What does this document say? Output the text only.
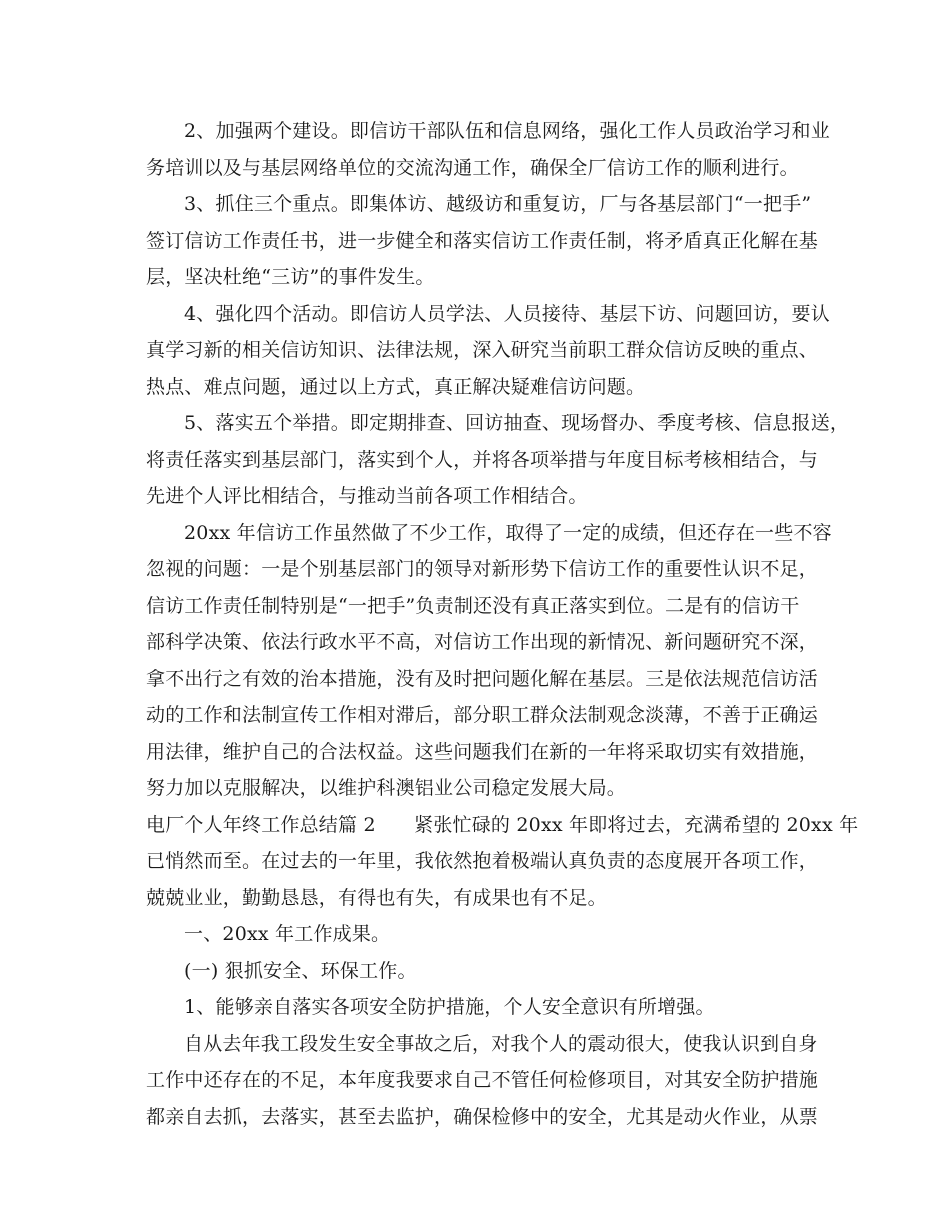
2、加强两个建设。即信访干部队伍和信息网络，强化工作人员政治学习和业
务培训以及与基层网络单位的交流沟通工作，确保全厂信访工作的顺利进行。
3、抓住三个重点。即集体访、越级访和重复访，厂与各基层部门“一把手”
签订信访工作责任书，进一步健全和落实信访工作责任制，将矛盾真正化解在基
层，坚决杜绝“三访”的事件发生。
4、强化四个活动。即信访人员学法、人员接待、基层下访、问题回访，要认
真学习新的相关信访知识、法律法规，深入研究当前职工群众信访反映的重点、
热点、难点问题，通过以上方式，真正解决疑难信访问题。
5、落实五个举措。即定期排查、回访抽查、现场督办、季度考核、信息报送，
将责任落实到基层部门，落实到个人，并将各项举措与年度目标考核相结合，与
先进个人评比相结合，与推动当前各项工作相结合。
20xx 年信访工作虽然做了不少工作，取得了一定的成绩，但还存在一些不容
忽视的问题：一是个别基层部门的领导对新形势下信访工作的重要性认识不足，
信访工作责任制特别是“一把手”负责制还没有真正落实到位。二是有的信访干
部科学决策、依法行政水平不高，对信访工作出现的新情况、新问题研究不深，
拿不出行之有效的治本措施，没有及时把问题化解在基层。三是依法规范信访活
动的工作和法制宣传工作相对滞后，部分职工群众法制观念淡薄，不善于正确运
用法律，维护自己的合法权益。这些问题我们在新的一年将采取切实有效措施，
努力加以克服解决，以维护科澳铝业公司稳定发展大局。
电厂个人年终工作总结篇 2　　紧张忙碌的 20xx 年即将过去，充满希望的 20xx 年
已悄然而至。在过去的一年里，我依然抱着极端认真负责的态度展开各项工作，
兢兢业业，勤勤恳恳，有得也有失，有成果也有不足。
一、20xx 年工作成果。
(一) 狠抓安全、环保工作。
1、能够亲自落实各项安全防护措施，个人安全意识有所增强。
自从去年我工段发生安全事故之后，对我个人的震动很大，使我认识到自身
工作中还存在的不足，本年度我要求自己不管任何检修项目，对其安全防护措施
都亲自去抓，去落实，甚至去监护，确保检修中的安全，尤其是动火作业，从票
